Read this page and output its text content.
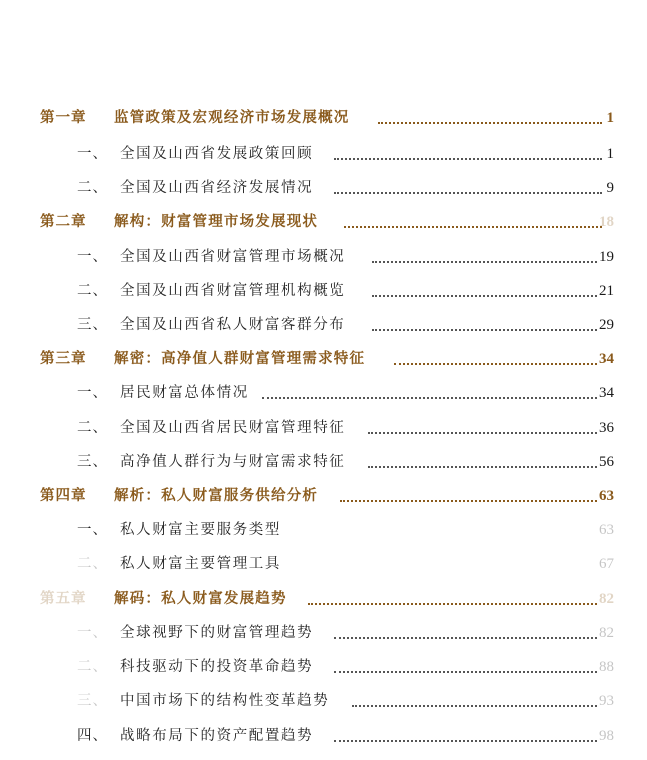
第一章 监管政策及宏观经济市场发展概况	1
一、 全国及山西省发展政策回顾	1
二、 全国及山西省经济发展情况	9
第二章 解构：财富管理市场发展现状	18
一、 全国及山西省财富管理市场概况	19
二、 全国及山西省财富管理机构概览	21
三、 全国及山西省私人财富客群分布	29
第三章 解密：高净值人群财富管理需求特征	34
一、 居民财富总体情况	34
二、 全国及山西省居民财富管理特征	36
三、 高净值人群行为与财富需求特征	56
第四章 解析：私人财富服务供给分析	63
一、 私人财富主要服务类型	63
二、 私人财富主要管理工具	67
第五章 解码：私人财富发展趋势	82
一、 全球视野下的财富管理趋势	82
二、 科技驱动下的投资革命趋势	88
三、 中国市场下的结构性变革趋势	93
四、 战略布局下的资产配置趋势	98
